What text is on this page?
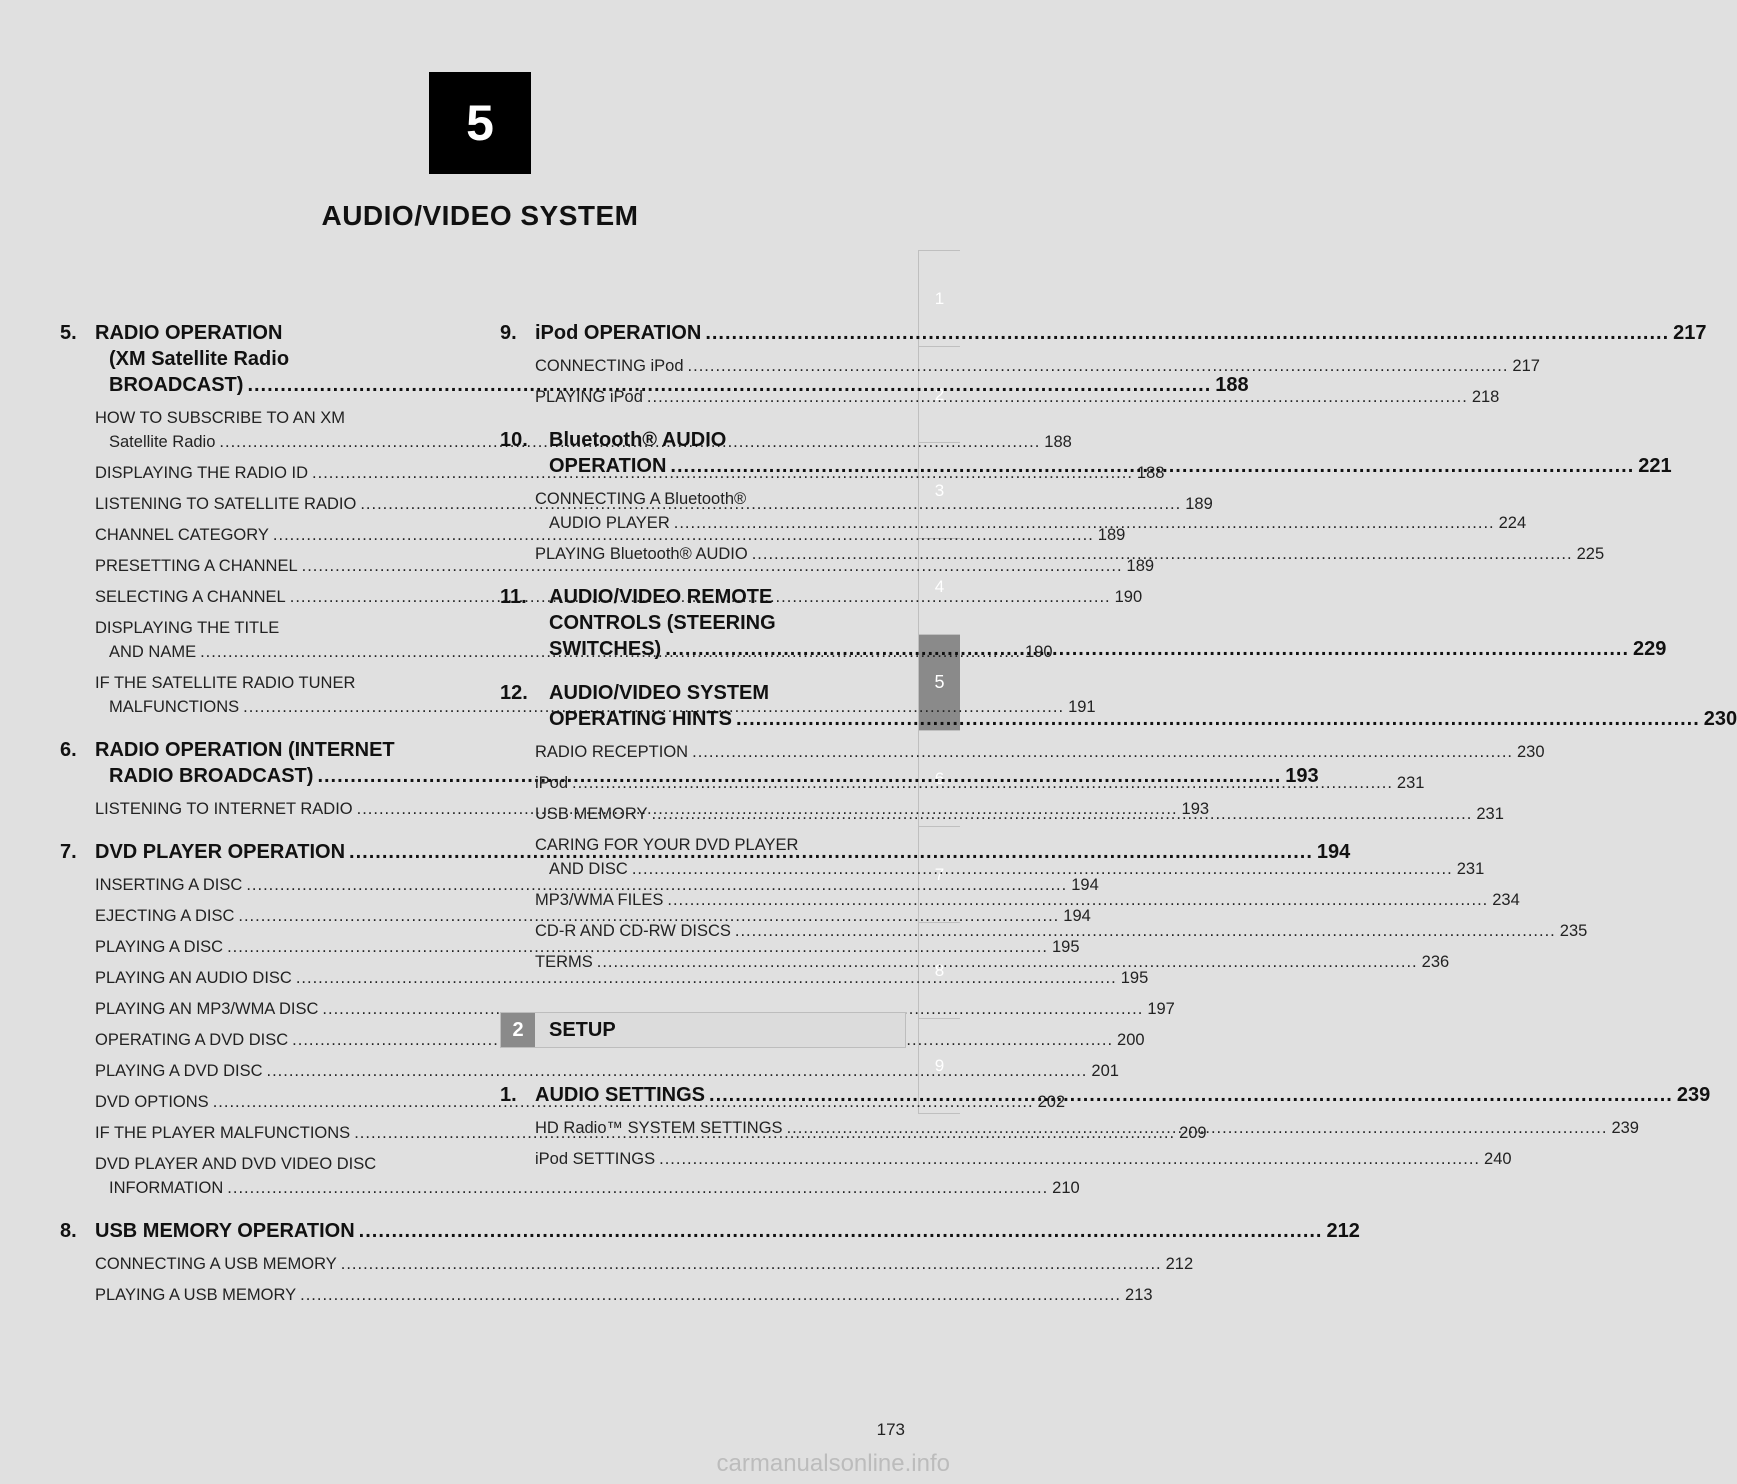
5
AUDIO/VIDEO SYSTEM
1
2
3
4
5
6
7
8
9
5. RADIO OPERATION
(XM Satellite Radio
BROADCAST) .....	188
HOW TO SUBSCRIBE TO AN XM
Satellite Radio .....	188
DISPLAYING THE RADIO ID .....	188
LISTENING TO SATELLITE RADIO .....	189
CHANNEL CATEGORY .....	189
PRESETTING A CHANNEL .....	189
SELECTING A CHANNEL .....	190
DISPLAYING THE TITLE
AND NAME .....	190
IF THE SATELLITE RADIO TUNER
MALFUNCTIONS .....	191
6. RADIO OPERATION (INTERNET
RADIO BROADCAST) .....	193
LISTENING TO INTERNET RADIO .....	193
7. DVD PLAYER OPERATION .....	194
INSERTING A DISC .....	194
EJECTING A DISC .....	194
PLAYING A DISC .....	195
PLAYING AN AUDIO DISC .....	195
PLAYING AN MP3/WMA DISC .....	197
OPERATING A DVD DISC .....	200
PLAYING A DVD DISC .....	201
DVD OPTIONS .....	202
IF THE PLAYER MALFUNCTIONS .....	209
DVD PLAYER AND DVD VIDEO DISC
INFORMATION .....	210
8. USB MEMORY OPERATION .....	212
CONNECTING A USB MEMORY .....	212
PLAYING A USB MEMORY .....	213
9. iPod OPERATION .....	217
CONNECTING iPod .....	217
PLAYING iPod .....	218
10. Bluetooth® AUDIO
OPERATION .....	221
CONNECTING A Bluetooth®
AUDIO PLAYER .....	224
PLAYING Bluetooth® AUDIO .....	225
11. AUDIO/VIDEO REMOTE
CONTROLS (STEERING
SWITCHES) .....	229
12. AUDIO/VIDEO SYSTEM
OPERATING HINTS .....	230
RADIO RECEPTION .....	230
iPod .....	231
USB MEMORY .....	231
CARING FOR YOUR DVD PLAYER
AND DISC .....	231
MP3/WMA FILES .....	234
CD-R AND CD-RW DISCS .....	235
TERMS .....	236
2	SETUP
1. AUDIO SETTINGS .....	239
HD Radio™ SYSTEM SETTINGS .....	239
iPod SETTINGS .....	240
173
carmanualsonline.info
